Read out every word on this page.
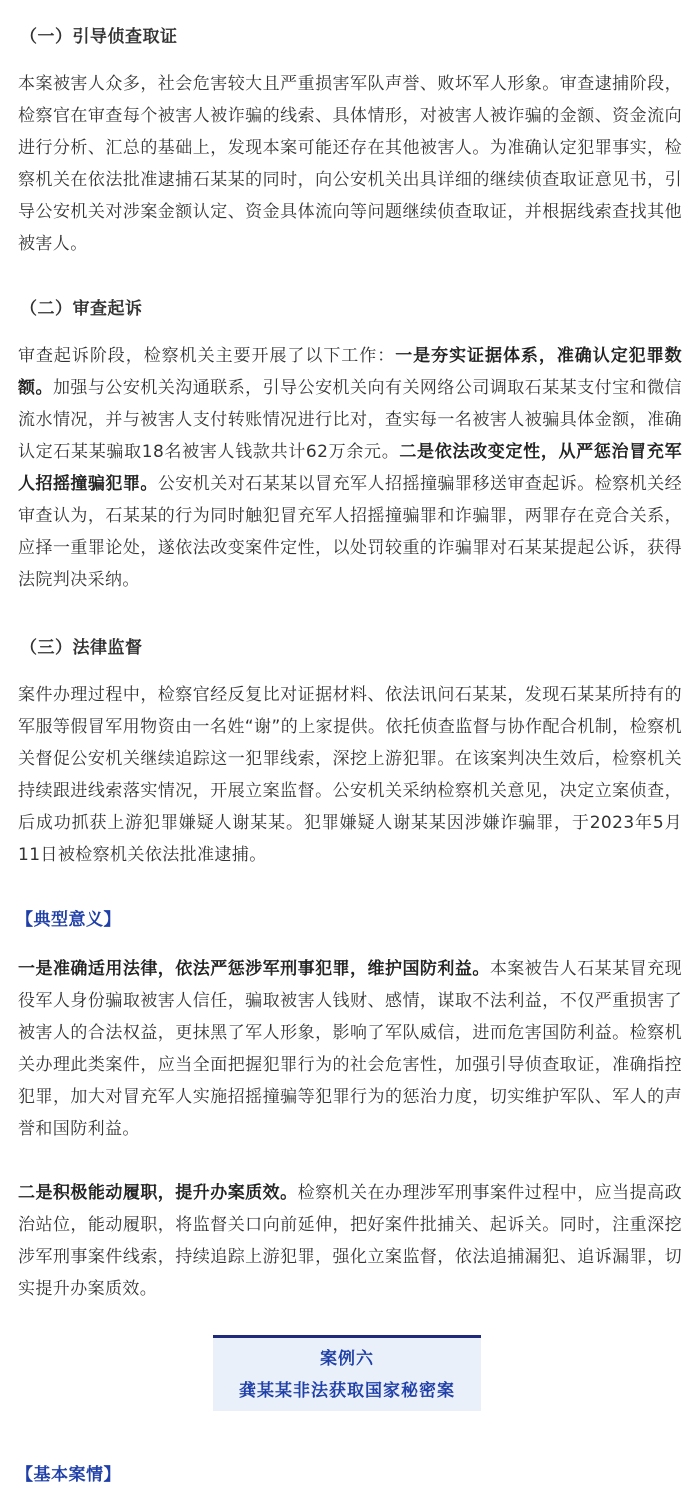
（一）引导侦查取证
本案被害人众多，社会危害较大且严重损害军队声誉、败坏军人形象。审查逮捕阶段，检察官在审查每个被害人被诈骗的线索、具体情形，对被害人被诈骗的金额、资金流向进行分析、汇总的基础上，发现本案可能还存在其他被害人。为准确认定犯罪事实，检察机关在依法批准逮捕石某某的同时，向公安机关出具详细的继续侦查取证意见书，引导公安机关对涉案金额认定、资金具体流向等问题继续侦查取证，并根据线索查找其他被害人。
（二）审查起诉
审查起诉阶段，检察机关主要开展了以下工作：一是夯实证据体系，准确认定犯罪数额。加强与公安机关沟通联系，引导公安机关向有关网络公司调取石某某支付宝和微信流水情况，并与被害人支付转账情况进行比对，查实每一名被害人被骗具体金额，准确认定石某某骗取18名被害人钱款共计62万余元。二是依法改变定性，从严惩治冒充军人招摇撞骗犯罪。公安机关对石某某以冒充军人招摇撞骗罪移送审查起诉。检察机关经审查认为，石某某的行为同时触犯冒充军人招摇撞骗罪和诈骗罪，两罪存在竞合关系，应择一重罪论处，遂依法改变案件定性，以处罚较重的诈骗罪对石某某提起公诉，获得法院判决采纳。
（三）法律监督
案件办理过程中，检察官经反复比对证据材料、依法讯问石某某，发现石某某所持有的军服等假冒军用物资由一名姓“谢”的上家提供。依托侦查监督与协作配合机制，检察机关督促公安机关继续追踪这一犯罪线索，深挖上游犯罪。在该案判决生效后，检察机关持续跟进线索落实情况，开展立案监督。公安机关采纳检察机关意见，决定立案侦查，后成功抓获上游犯罪嫌疑人谢某某。犯罪嫌疑人谢某某因涉嫌诈骗罪，于2023年5月11日被检察机关依法批准逮捕。
【典型意义】
一是准确适用法律，依法严惩涉军刑事犯罪，维护国防利益。本案被告人石某某冒充现役军人身份骗取被害人信任，骗取被害人钱财、感情，谋取不法利益，不仅严重损害了被害人的合法权益，更抹黑了军人形象，影响了军队威信，进而危害国防利益。检察机关办理此类案件，应当全面把握犯罪行为的社会危害性，加强引导侦查取证，准确指控犯罪，加大对冒充军人实施招摇撞骗等犯罪行为的惩治力度，切实维护军队、军人的声誉和国防利益。
二是积极能动履职，提升办案质效。检察机关在办理涉军刑事案件过程中，应当提高政治站位，能动履职，将监督关口向前延伸，把好案件批捕关、起诉关。同时，注重深挖涉军刑事案件线索，持续追踪上游犯罪，强化立案监督，依法追捕漏犯、追诉漏罪，切实提升办案质效。
案例六
龚某某非法获取国家秘密案
【基本案情】
